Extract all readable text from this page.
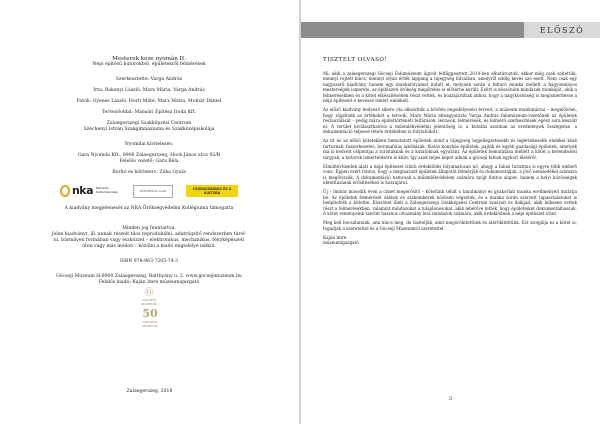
Mesterek keze nyomán II.

Népi építésű bútorokból, épületekről felmérések

Szerkesztette: Varga András

Írta: Bakonyi László, Marx Mária, Varga András

Fotók: Gyenes László, Horti Máté, Marx Mária, Molnár Dániel

Tervezőoldal: Mansári Építész Iroda Kft.

Zalaegerszegi Szakképzési Centrum

Széchenyi István Szakgimnáziuma és Szakközépiskolája

Nyomdai kivitelezés:

Gara Nyomda Kft., 8900 Zalaegerszeg, Hock János utca 92/B

Felelős vezető: Gara Béla

Borító és kötésterv: Zóka Gyula

nka Nemzeti Kulturális Alap	KULTURÁLIS ALAP	CSODASZARVAS ÉS A KULTÚRA

A kiadvány megjelenését az NKA Örökségvédelmi Kollégiuma támogatta

Minden jog fenntartva.

Jelen kiadványt, ill. annak részeit tilos reprodukálni, adatrögzítő rendszerben tárol-

ni, bármilyen formában vagy eszközzel – elektronikus, mechanikus, fényképészeti

úton vagy más módon – közölni a kiadó engedélye nélkül.

ISBN 978-963-7205-74-3

Göcseji Múzeum H-8900 Zalaegerszeg, Batthyány u. 2. www.gocsejimuzeum.hu

Felelős kiadó: Kaján Imre múzeumigazgató

Ⓖ
GÖCSEJI MÚZEUM
50
GÖCSEJI MÚZEUM

Zalaegerszeg, 2018

ELŐSZÓ

TISZTELT OLVASÓ!

Mi, akik a zalaegerszegi Göcseji Falumúzeum ügyeit felfüggesztett 2014-ben elhatároztuk, akkor még csak sejtettük, mennyi rejtett kincs, mennyi olyan érték lappang a tájegység falvaiban, amelyről eddig kevés szó esett. Nem csak egy nagyszerű kiadvány, hanem egy munkafolyamat indult el, melynek során a feltáró munka mellett a hagyományos mesterségek ismerete, az építészeti örökség megőrzése is előtérbe került. Ezért is köszönöm mindazok munkáját, akik a felmérésekben és a kötet elkészítésében részt vettek, és hozzájárultak ahhoz, hogy a nagyközönség is megismerhesse a népi építészet e kevéssé ismert emlékeit.

Az előző kiadvány kedvező sikere óta elkezdtük a bővítés engedélyezési terveit, a múzeum munkatársai – megelőzően, hogy rögzítsék az értékeket a terveik, Marx Mária elmagyarázta Varga András falumúzeum-vezetőnek az épületek restaurálását – pedig mára épülettörténeti feltárások, leírások, felmérések, és felmérő szerkesztések egész sora készült el. A terület kiválaszthatóvá a műemlékvédelmi jelentőség is, a kutatás azonban az eredmények összegzése, a dokumentáció teljessé tétele érdekében is folytatódott.

Az itt és az előző kötetekben bemutatott épületek mind a tájegység legjellegzetesebb és legértékesebb emlékei közé tartoznak: faszerkezetes, boronafalas lakóházak, füstös konyhás épületek, pajták és egyéb gazdasági épületek, amelyek ma is kedvelt célpontjai a turistáknak és a kutatóknak egyaránt. Az épületek bemutatása mellett a kötet a berendezési tárgyak, a bútorok ismertetésére is kitér, így azok teljes képet adnak a göcseji falvak egykori életéről.

Elmúltévtizedek alatt a népi építészet iránti érdeklődés folyamatosan nő, ahogy a falusi turizmus is egyre több embert vonz. Éppen ezért fontos, hogy a megmaradt épületek állapotát felmérjük és dokumentáljuk, a jövő nemzedékei számára is megőrizzük. A dokumentáció nemcsak a műemlékvédelem számára nyújt fontos alapot, hanem a helyi közösségek identitásának erősítéséhez is hozzájárul.

Új – immár második éven a címet megerősítő – kötetünk tehát a tanulmányi és gyakorlati munka eredményeit mutatja be. Az épületek felmérését diákok és szakemberek közösen végezték, és a munka során szerzett tapasztalatokat is beépítették a kötetbe. Köszönet illeti a Zalaegerszegi Szakképzési Centrum tanárait és diákjait, akik lelkesen vettek részt a felmérésekben, valamint mindazokat a tulajdonosokat, akik lehetővé tették, hogy épületeiket dokumentálhassuk. A kötet reményeink szerint hasznos olvasmány lesz mindazok számára, akik érdeklődnek a népi építészet iránt.

Meg kell bocsátanunk, ami nincs meg, de tiszteljük, amit megörökítettünk és átörökítettünk. Ezt szolgálja ez a kötet is, fogadják a szeretettel és a Göcseji Múzeumtól szeretettel.

Kaján Imre

múzeumigazgató

3
